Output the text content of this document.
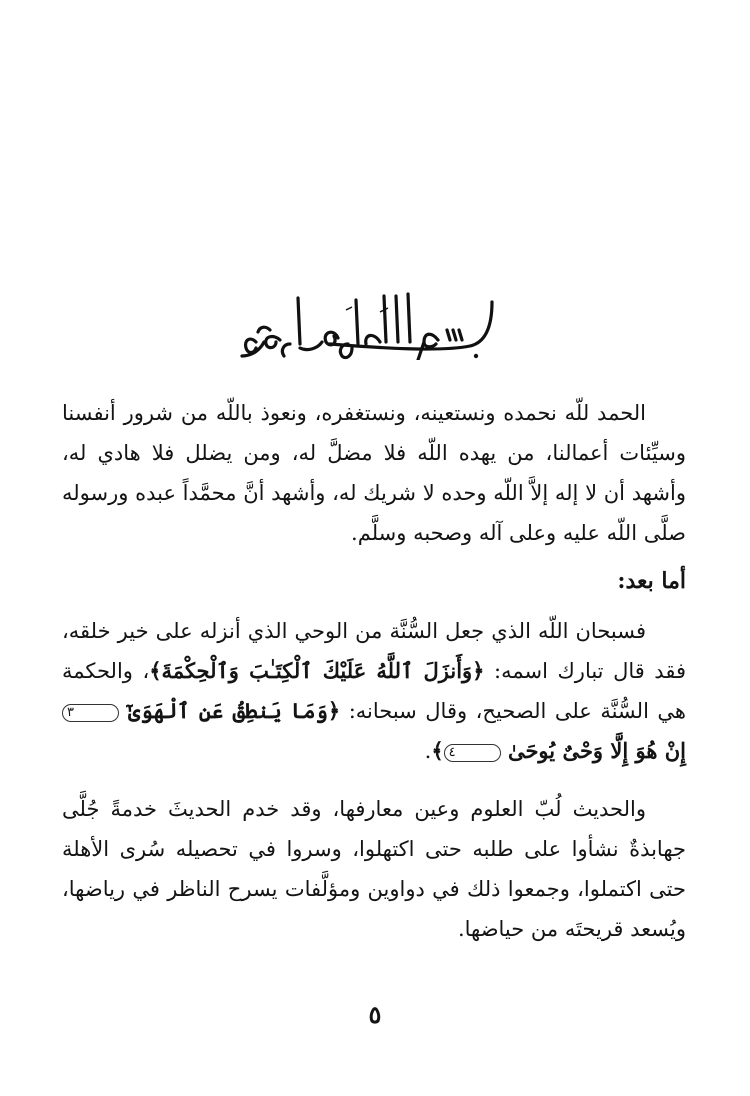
الحمد للّه نحمده ونستعينه، ونستغفره، ونعوذ باللّه من شرور أنفسنا وسيِّئات أعمالنا، من يهده اللّه فلا مضلَّ له، ومن يضلل فلا هادي له، وأشهد أن لا إله إلاَّ اللّه وحده لا شريك له، وأشهد أنَّ محمَّداً عبده ورسوله صلَّى اللّه عليه وعلى آله وصحبه وسلَّم.

أما بعد:

فسبحان اللّه الذي جعل السُّنَّة من الوحي الذي أنزله على خير خلقه، فقد قال تبارك اسمه: ﴿وَأَنزَلَ ٱللَّهُ عَلَيْكَ ٱلْكِتَـٰبَ وَٱلْحِكْمَةَ﴾، والحكمة هي السُّنَّة على الصحيح، وقال سبحانه: ﴿وَمَا يَنطِقُ عَنِ ٱلْهَوَىٰٓ ٣ إِنْ هُوَ إِلَّا وَحْىٌ يُوحَىٰ ٤﴾.

والحديث لُبّ العلوم وعين معارفها، وقد خدم الحديثَ خدمةً جُلَّى جهابذةٌ نشأوا على طلبه حتى اكتهلوا، وسروا في تحصيله سُرى الأهلة حتى اكتملوا، وجمعوا ذلك في دواوين ومؤلَّفات يسرح الناظر في رياضها، ويُسعد قريحتَه من حياضها.

٥
